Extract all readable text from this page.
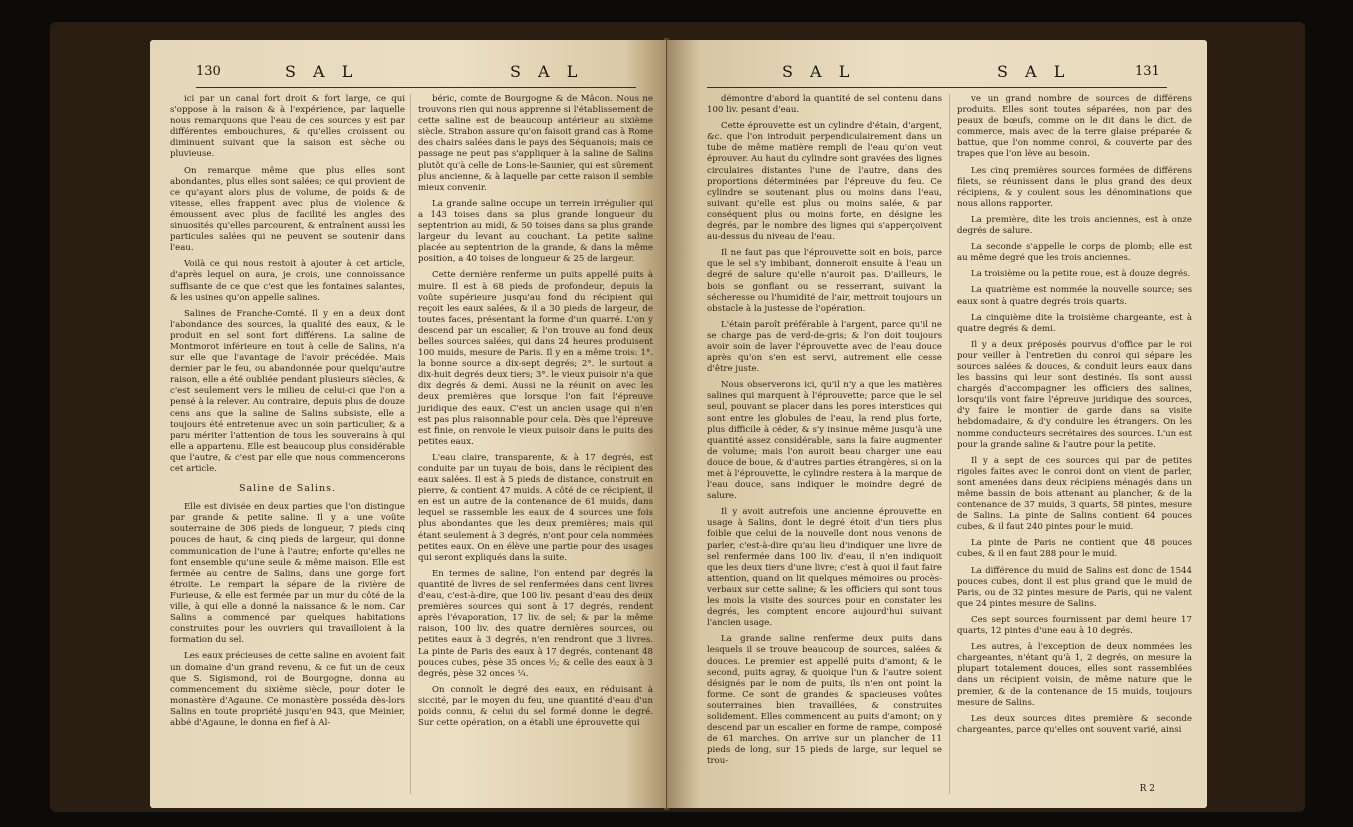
130	S A L	S A L

ici par un canal fort droit & fort large, ce qui s'oppose à la raison & à l'expérience, par laquelle nous remarquons que l'eau de ces sources y est par différentes embouchures, & qu'elles croissent ou diminuent suivant que la saison est sèche ou pluvieuse.

On remarque même que plus elles sont abondantes, plus elles sont salées; ce qui provient de ce qu'ayant alors plus de volume, de poids & de vitesse, elles frappent avec plus de violence & émoussent avec plus de facilité les angles des sinuosités qu'elles parcourent, & entraînent aussi les particules salées qui ne peuvent se soutenir dans l'eau.

Voilà ce qui nous restoit à ajouter à cet article, d'après lequel on aura, je crois, une connoissance suffisante de ce que c'est que les fontaines salantes, & les usines qu'on appelle salines.

Salines de Franche-Comté. Il y en a deux dont l'abondance des sources, la qualité des eaux, & le produit en sel sont fort différens. La saline de Montmorot inférieure en tout à celle de Salins, n'a sur elle que l'avantage de l'avoir précédée. Mais dernier par le feu, ou abandonnée pour quelqu'autre raison, elle a été oubliée pendant plusieurs siècles, & c'est seulement vers le milieu de celui-ci que l'on a pensé à la relever. Au contraire, depuis plus de douze cens ans que la saline de Salins subsiste, elle a toujours été entretenue avec un soin particulier, & a paru mériter l'attention de tous les souverains à qui elle a appartenu. Elle est beaucoup plus considérable que l'autre, & c'est par elle que nous commencerons cet article.

Saline de Salins.

Elle est divisée en deux parties que l'on distingue par grande & petite saline. Il y a une voûte souterraine de 306 pieds de longueur, 7 pieds cinq pouces de haut, & cinq pieds de largeur, qui donne communication de l'une à l'autre; enforte qu'elles ne font ensemble qu'une seule & même maison. Elle est fermée au centre de Salins, dans une gorge fort étroite. Le rempart la sépare de la rivière de Furieuse, & elle est fermée par un mur du côté de la ville, à qui elle a donné la naissance & le nom. Car Salins a commencé par quelques habitations construites pour les ouvriers qui travailloient à la formation du sel.

Les eaux précieuses de cette saline en avoient fait un domaine d'un grand revenu, & ce fut un de ceux que S. Sigismond, roi de Bourgogne, donna au commencement du sixième siècle, pour doter le monastère d'Agaune. Ce monastère posséda dès-lors Salins en toute propriété jusqu'en 943, que Meinier, abbé d'Agaune, le donna en fief à Al-

béric, comte de Bourgogne & de Mâcon. Nous ne trouvons rien qui nous apprenne si l'établissement de cette saline est de beaucoup antérieur au sixième siècle. Strabon assure qu'on faisoit grand cas à Rome des chairs salées dans le pays des Séquanois; mais ce passage ne peut pas s'appliquer à la saline de Salins plutôt qu'à celle de Lons-le-Saunier, qui est sûrement plus ancienne, & à laquelle par cette raison il semble mieux convenir.

La grande saline occupe un terrein irrégulier qui a 143 toises dans sa plus grande longueur du septentrion au midi, & 50 toises dans sa plus grande largeur du levant au couchant. La petite saline placée au septentrion de la grande, & dans la même position, a 40 toises de longueur & 25 de largeur.

Cette dernière renferme un puits appellé puits à muire. Il est à 68 pieds de profondeur, depuis la voûte supérieure jusqu'au fond du récipient qui reçoit les eaux salées, & il a 30 pieds de largeur, de toutes faces, présentant la forme d'un quarré. L'on y descend par un escalier, & l'on trouve au fond deux belles sources salées, qui dans 24 heures produisent 100 muids, mesure de Paris. Il y en a même trois: 1°. la bonne source a dix-sept degrés; 2°. le surtout a dix-huit degrés deux tiers; 3°. le vieux puisoir n'a que dix degrés & demi. Aussi ne la réunit on avec les deux premières que lorsque l'on fait l'épreuve juridique des eaux. C'est un ancien usage qui n'en est pas plus raisonnable pour cela. Dès que l'épreuve est finie, on renvoie le vieux puisoir dans le puits des petites eaux.

L'eau claire, transparente, & à 17 degrés, est conduite par un tuyau de bois, dans le récipient des eaux salées. Il est à 5 pieds de distance, construit en pierre, & contient 47 muids. A côté de ce récipient, il en est un autre de la contenance de 61 muids, dans lequel se rassemble les eaux de 4 sources une fois plus abondantes que les deux premières; mais qui étant seulement à 3 degrés, n'ont pour cela nommées petites eaux. On en élève une partie pour des usages qui seront expliqués dans la suite.

En termes de saline, l'on entend par degrés la quantité de livres de sel renfermées dans cent livres d'eau, c'est-à-dire, que 100 liv. pesant d'eau des deux premières sources qui sont à 17 degrés, rendent après l'évaporation, 17 liv. de sel; & par la même raison, 100 liv. des quatre dernières sources, ou petites eaux à 3 degrés, n'en rendront que 3 livres. La pinte de Paris des eaux à 17 degrés, contenant 48 pouces cubes, pèse 35 onces ½; & celle des eaux à 3 degrés, pèse 32 onces ¼.

On connoît le degré des eaux, en réduisant à siccité, par le moyen du feu, une quantité d'eau d'un poids connu, & celui du sel formé donne le degré. Sur cette opération, on a établi une éprouvette qui

S A L	S A L	131

démontre d'abord la quantité de sel contenu dans 100 liv. pesant d'eau.

Cette éprouvette est un cylindre d'étain, d'argent, &c. que l'on introduit perpendiculairement dans un tube de même matière rempli de l'eau qu'on veut éprouver. Au haut du cylindre sont gravées des lignes circulaires distantes l'une de l'autre, dans des proportions déterminées par l'épreuve du feu. Ce cylindre se soutenant plus ou moins dans l'eau, suivant qu'elle est plus ou moins salée, & par conséquent plus ou moins forte, en désigne les degrés, par le nombre des lignes qui s'apperçoivent au-dessus du niveau de l'eau.

Il ne faut pas que l'éprouvette soit en bois, parce que le sel s'y imbibant, donneroit ensuite à l'eau un degré de salure qu'elle n'auroit pas. D'ailleurs, le bois se gonflant ou se resserrant, suivant la sécheresse ou l'humidité de l'air, mettroit toujours un obstacle à la justesse de l'opération.

L'étain paroît préférable à l'argent, parce qu'il ne se charge pas de verd-de-gris; & l'on doit toujours avoir soin de laver l'éprouvette avec de l'eau douce après qu'on s'en est servi, autrement elle cesse d'être juste.

Nous observerons ici, qu'il n'y a que les matières salines qui marquent à l'éprouvette; parce que le sel seul, pouvant se placer dans les pores interstices qui sont entre les globules de l'eau, la rend plus forte, plus difficile à céder, & s'y insinue même jusqu'à une quantité assez considérable, sans la faire augmenter de volume; mais l'on auroit beau charger une eau douce de boue, & d'autres parties étrangères, si on la met à l'éprouvette, le cylindre restera à la marque de l'eau douce, sans indiquer le moindre degré de salure.

Il y avoit autrefois une ancienne éprouvette en usage à Salins, dont le degré étoit d'un tiers plus foible que celui de la nouvelle dont nous venons de parler, c'est-à-dire qu'au lieu d'indiquer une livre de sel renfermée dans 100 liv. d'eau, il n'en indiquoit que les deux tiers d'une livre; c'est à quoi il faut faire attention, quand on lit quelques mémoires ou procès-verbaux sur cette saline; & les officiers qui sont tous les mois la visite des sources pour en constater les degrés, les comptent encore aujourd'hui suivant l'ancien usage.

La grande saline renferme deux puits dans lesquels il se trouve beaucoup de sources, salées & douces. Le premier est appellé puits d'amont; & le second, puits agray, & quoique l'un & l'autre soient désignés par le nom de puits, ils n'en ont point la forme. Ce sont de grandes & spacieuses voûtes souterraines bien travaillées, & construites solidement. Elles commencent au puits d'amont; on y descend par un escalier en forme de rampe, composé de 61 marches. On arrive sur un plancher de 11 pieds de long, sur 15 pieds de large, sur lequel se trou-

ve un grand nombre de sources de différens produits. Elles sont toutes séparées, non par des peaux de bœufs, comme on le dit dans le dict. de commerce, mais avec de la terre glaise préparée & battue, que l'on nomme conroi, & couverte par des trapes que l'on lève au besoin.

Les cinq premières sources formées de différens filets, se réunissent dans le plus grand des deux récipiens, & y coulent sous les dénominations que nous allons rapporter.

La première, dite les trois anciennes, est à onze degrés de salure.

La seconde s'appelle le corps de plomb; elle est au même degré que les trois anciennes.

La troisième ou la petite roue, est à douze degrés.

La quatrième est nommée la nouvelle source; ses eaux sont à quatre degrés trois quarts.

La cinquième dite la troisième chargeante, est à quatre degrés & demi.

Il y a deux préposés pourvus d'office par le roi pour veiller à l'entretien du conroi qui sépare les sources salées & douces, & conduit leurs eaux dans les bassins qui leur sont destinés. Ils sont aussi chargés d'accompagner les officiers des salines, lorsqu'ils vont faire l'épreuve juridique des sources, d'y faire le montier de garde dans sa visite hebdomadaire, & d'y conduire les étrangers. On les nomme conducteurs secrétaires des sources. L'un est pour la grande saline & l'autre pour la petite.

Il y a sept de ces sources qui par de petites rigoles faites avec le conroi dont on vient de parler, sont amenées dans deux récipiens ménagés dans un même bassin de bois attenant au plancher, & de la contenance de 37 muids, 3 quarts, 58 pintes, mesure de Salins. La pinte de Salins contient 64 pouces cubes, & il faut 240 pintes pour le muid.

La pinte de Paris ne contient que 48 pouces cubes, & il en faut 288 pour le muid.

La différence du muid de Salins est donc de 1544 pouces cubes, dont il est plus grand que le muid de Paris, ou de 32 pintes mesure de Paris, qui ne valent que 24 pintes mesure de Salins.

Ces sept sources fournissent par demi heure 17 quarts, 12 pintes d'une eau à 10 degrés.

Les autres, à l'exception de deux nommées les chargeantes, n'étant qu'à 1, 2 degrés, on mesure la plupart totalement douces, elles sont rassemblées dans un récipient voisin, de même nature que le premier, & de la contenance de 15 muids, toujours mesure de Salins.

Les deux sources dites première & seconde chargeantes, parce qu'elles ont souvent varié, ainsi

R 2
